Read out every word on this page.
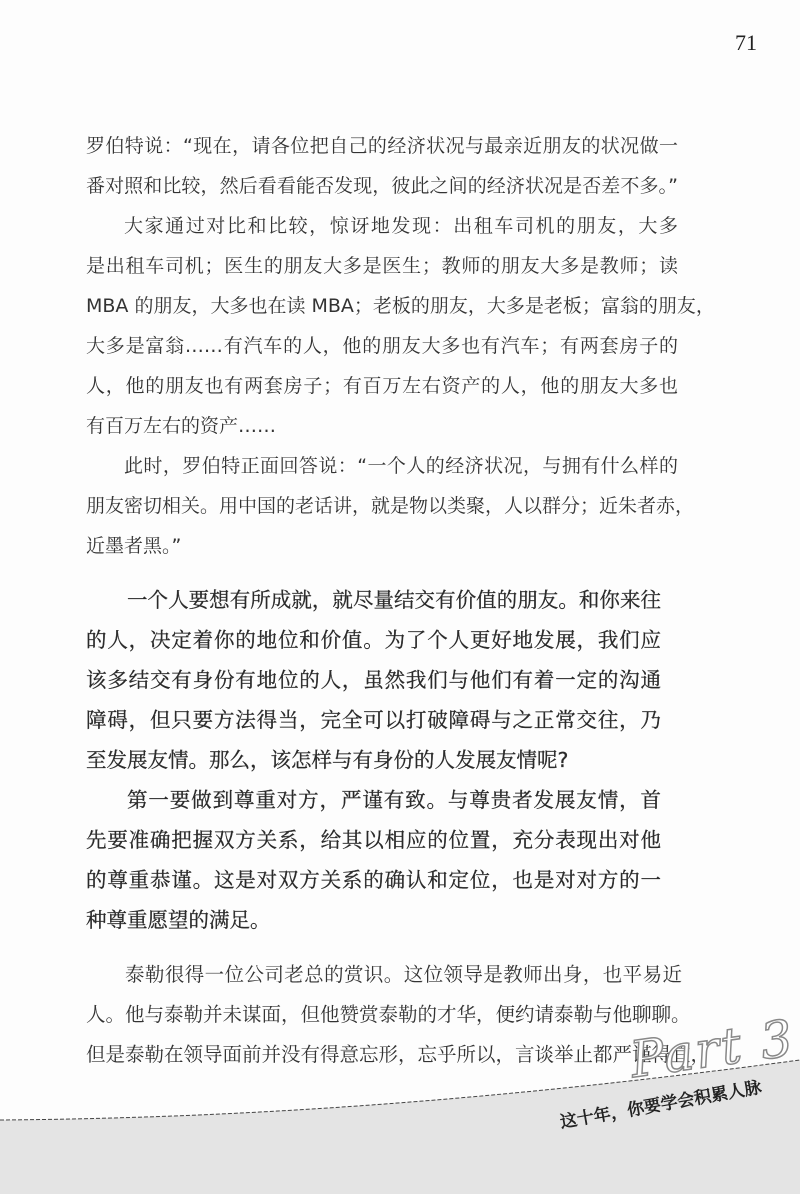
71
罗伯特说：“现在，请各位把自己的经济状况与最亲近朋友的状况做一
番对照和比较，然后看看能否发现，彼此之间的经济状况是否差不多。”
大家通过对比和比较，惊讶地发现：出租车司机的朋友，大多
是出租车司机；医生的朋友大多是医生；教师的朋友大多是教师；读
MBA 的朋友，大多也在读 MBA；老板的朋友，大多是老板；富翁的朋友，
大多是富翁……有汽车的人，他的朋友大多也有汽车；有两套房子的
人，他的朋友也有两套房子；有百万左右资产的人，他的朋友大多也
有百万左右的资产……
此时，罗伯特正面回答说：“一个人的经济状况，与拥有什么样的
朋友密切相关。用中国的老话讲，就是物以类聚，人以群分；近朱者赤，
近墨者黑。”
一个人要想有所成就，就尽量结交有价值的朋友。和你来往
的人，决定着你的地位和价值。为了个人更好地发展，我们应
该多结交有身份有地位的人，虽然我们与他们有着一定的沟通
障碍，但只要方法得当，完全可以打破障碍与之正常交往，乃
至发展友情。那么，该怎样与有身份的人发展友情呢?
第一要做到尊重对方，严谨有致。与尊贵者发展友情，首
先要准确把握双方关系，给其以相应的位置，充分表现出对他
的尊重恭谨。这是对双方关系的确认和定位，也是对对方的一
种尊重愿望的满足。
泰勒很得一位公司老总的赏识。这位领导是教师出身，也平易近
人。他与泰勒并未谋面，但他赞赏泰勒的才华，便约请泰勒与他聊聊。
但是泰勒在领导面前并没有得意忘形，忘乎所以，言谈举止都严谨得宜，
Part 3
这十年，你要学会积累人脉
